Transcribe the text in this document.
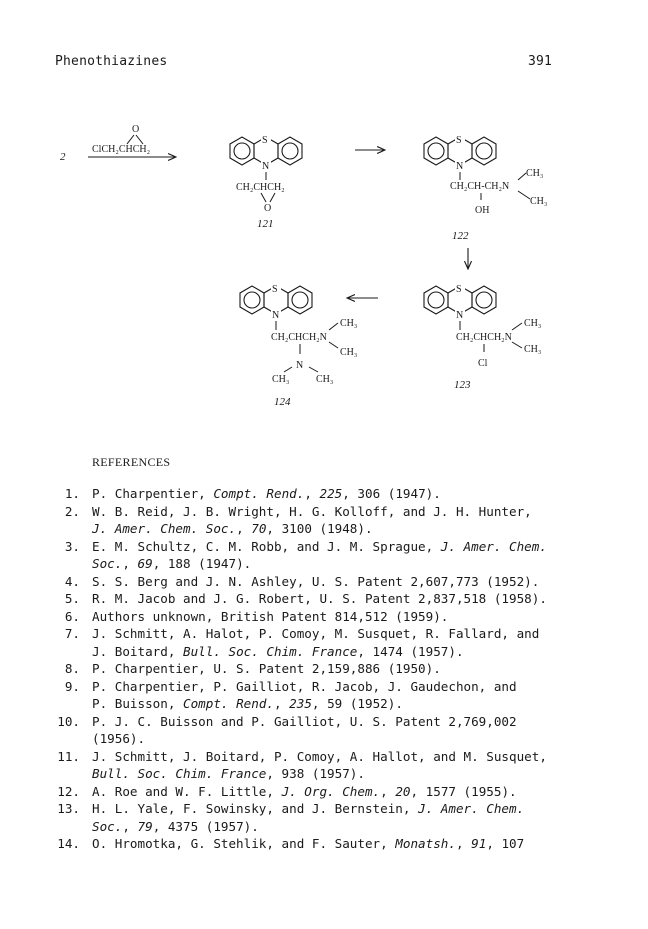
Phenothiazines	391
2
O
ClCH₂CHCH₂
S
N
CH₂CHCH₂
O
121
S
N
CH₂CH-CH₂N
CH₃
CH₃
OH
122
S
N
CH₂CHCH₂N
CH₃
CH₃
Cl
123
S
N
CH₂CHCH₂N
CH₃
CH₃
N
CH₃	CH₃
124
REFERENCES
1. P. Charpentier, Compt. Rend., 225, 306 (1947).
2. W. B. Reid, J. B. Wright, H. G. Kolloff, and J. H. Hunter,
J. Amer. Chem. Soc., 70, 3100 (1948).
3. E. M. Schultz, C. M. Robb, and J. M. Sprague, J. Amer. Chem.
Soc., 69, 188 (1947).
4. S. S. Berg and J. N. Ashley, U. S. Patent 2,607,773 (1952).
5. R. M. Jacob and J. G. Robert, U. S. Patent 2,837,518 (1958).
6. Authors unknown, British Patent 814,512 (1959).
7. J. Schmitt, A. Halot, P. Comoy, M. Susquet, R. Fallard, and
J. Boitard, Bull. Soc. Chim. France, 1474 (1957).
8. P. Charpentier, U. S. Patent 2,159,886 (1950).
9. P. Charpentier, P. Gailliot, R. Jacob, J. Gaudechon, and
P. Buisson, Compt. Rend., 235, 59 (1952).
10. P. J. C. Buisson and P. Gailliot, U. S. Patent 2,769,002
(1956).
11. J. Schmitt, J. Boitard, P. Comoy, A. Hallot, and M. Susquet,
Bull. Soc. Chim. France, 938 (1957).
12. A. Roe and W. F. Little, J. Org. Chem., 20, 1577 (1955).
13. H. L. Yale, F. Sowinsky, and J. Bernstein, J. Amer. Chem.
Soc., 79, 4375 (1957).
14. O. Hromotka, G. Stehlik, and F. Sauter, Monatsh., 91, 107
